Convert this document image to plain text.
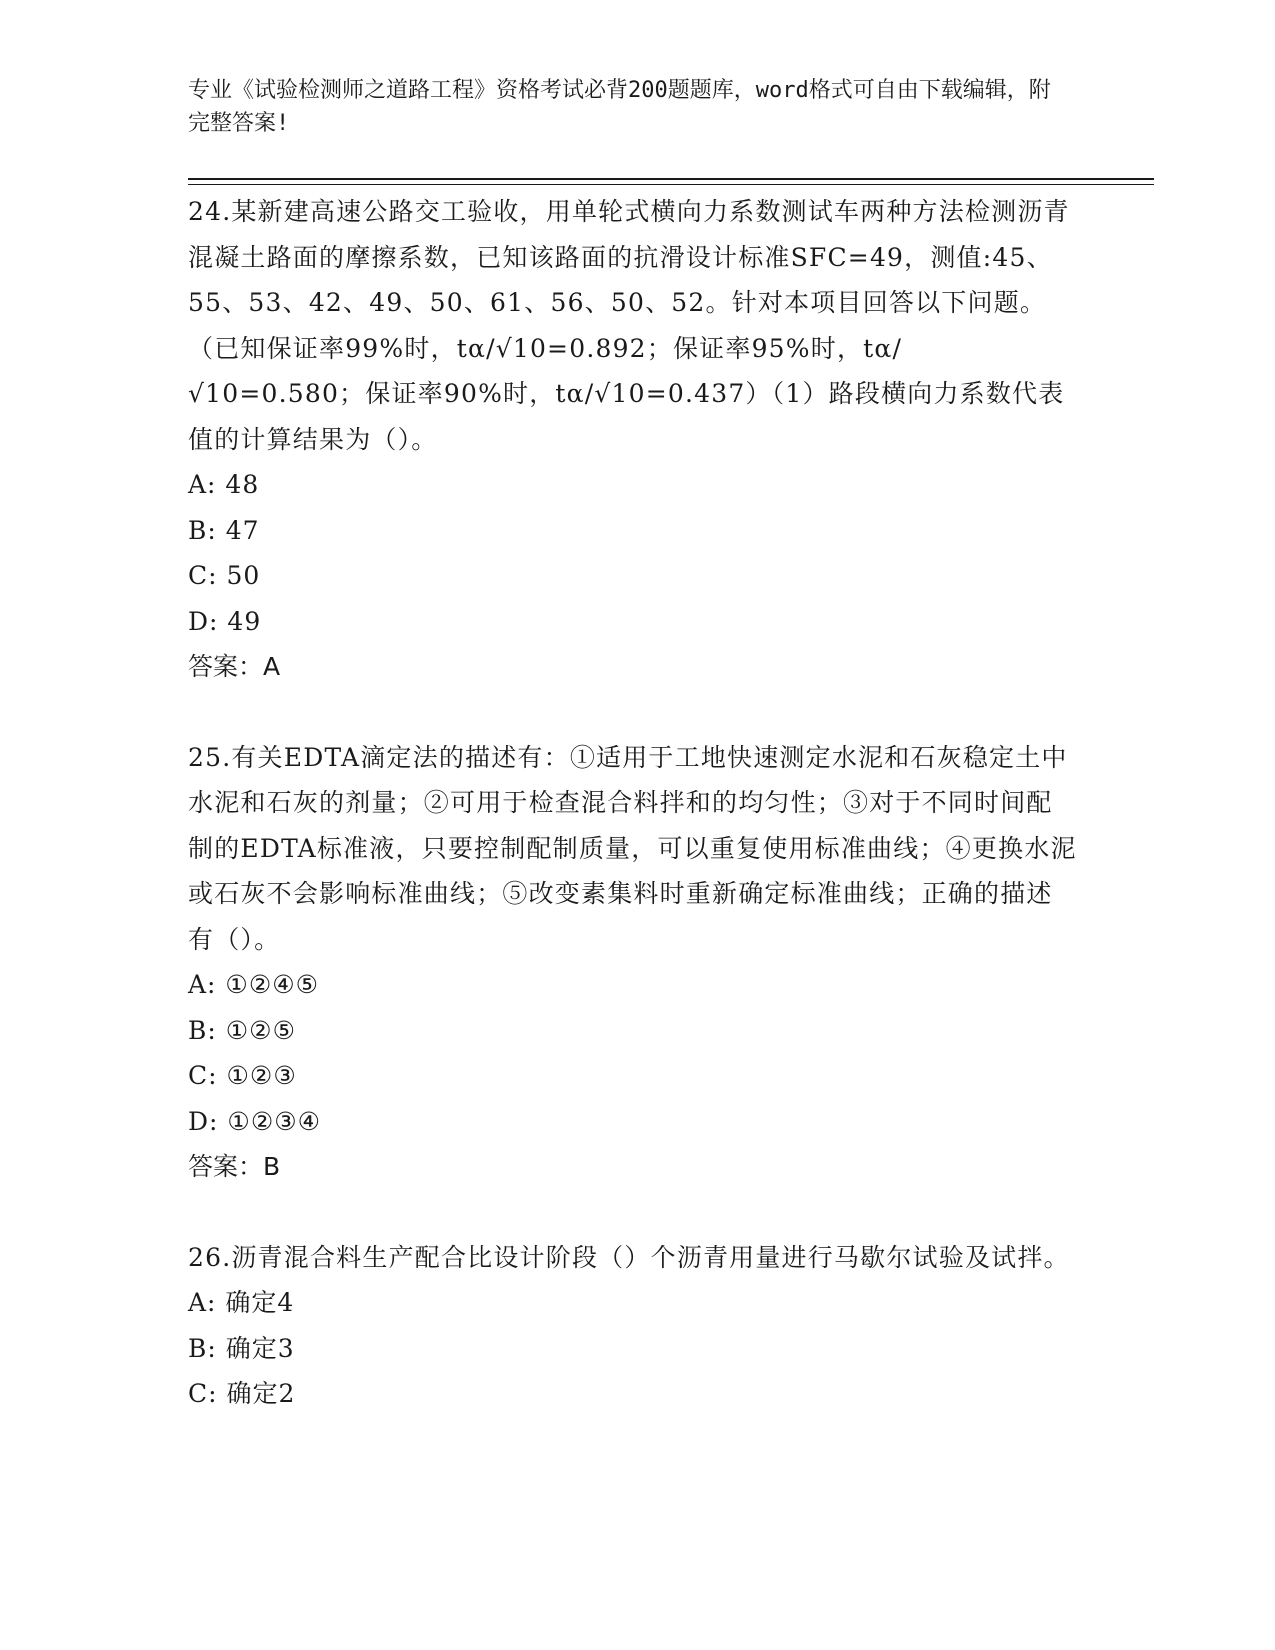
专业《试验检测师之道路工程》资格考试必背200题题库，word格式可自由下载编辑，附完整答案!

24.某新建高速公路交工验收，用单轮式横向力系数测试车两种方法检测沥青混凝土路面的摩擦系数，已知该路面的抗滑设计标准SFC=49，测值:45、55、53、42、49、50、61、56、50、52。针对本项目回答以下问题。（已知保证率99%时，tα/√10=0.892；保证率95%时，tα/√10=0.580；保证率90%时，tα/√10=0.437）（1）路段横向力系数代表值的计算结果为（）。

A: 48

B: 47

C: 50

D: 49

答案：A

25.有关EDTA滴定法的描述有：①适用于工地快速测定水泥和石灰稳定土中水泥和石灰的剂量；②可用于检查混合料拌和的均匀性；③对于不同时间配制的EDTA标准液，只要控制配制质量，可以重复使用标准曲线；④更换水泥或石灰不会影响标准曲线；⑤改变素集料时重新确定标准曲线；正确的描述有（）。

A: ①②④⑤

B: ①②⑤

C: ①②③

D: ①②③④

答案：B

26.沥青混合料生产配合比设计阶段（）个沥青用量进行马歇尔试验及试拌。

A: 确定4

B: 确定3

C: 确定2
